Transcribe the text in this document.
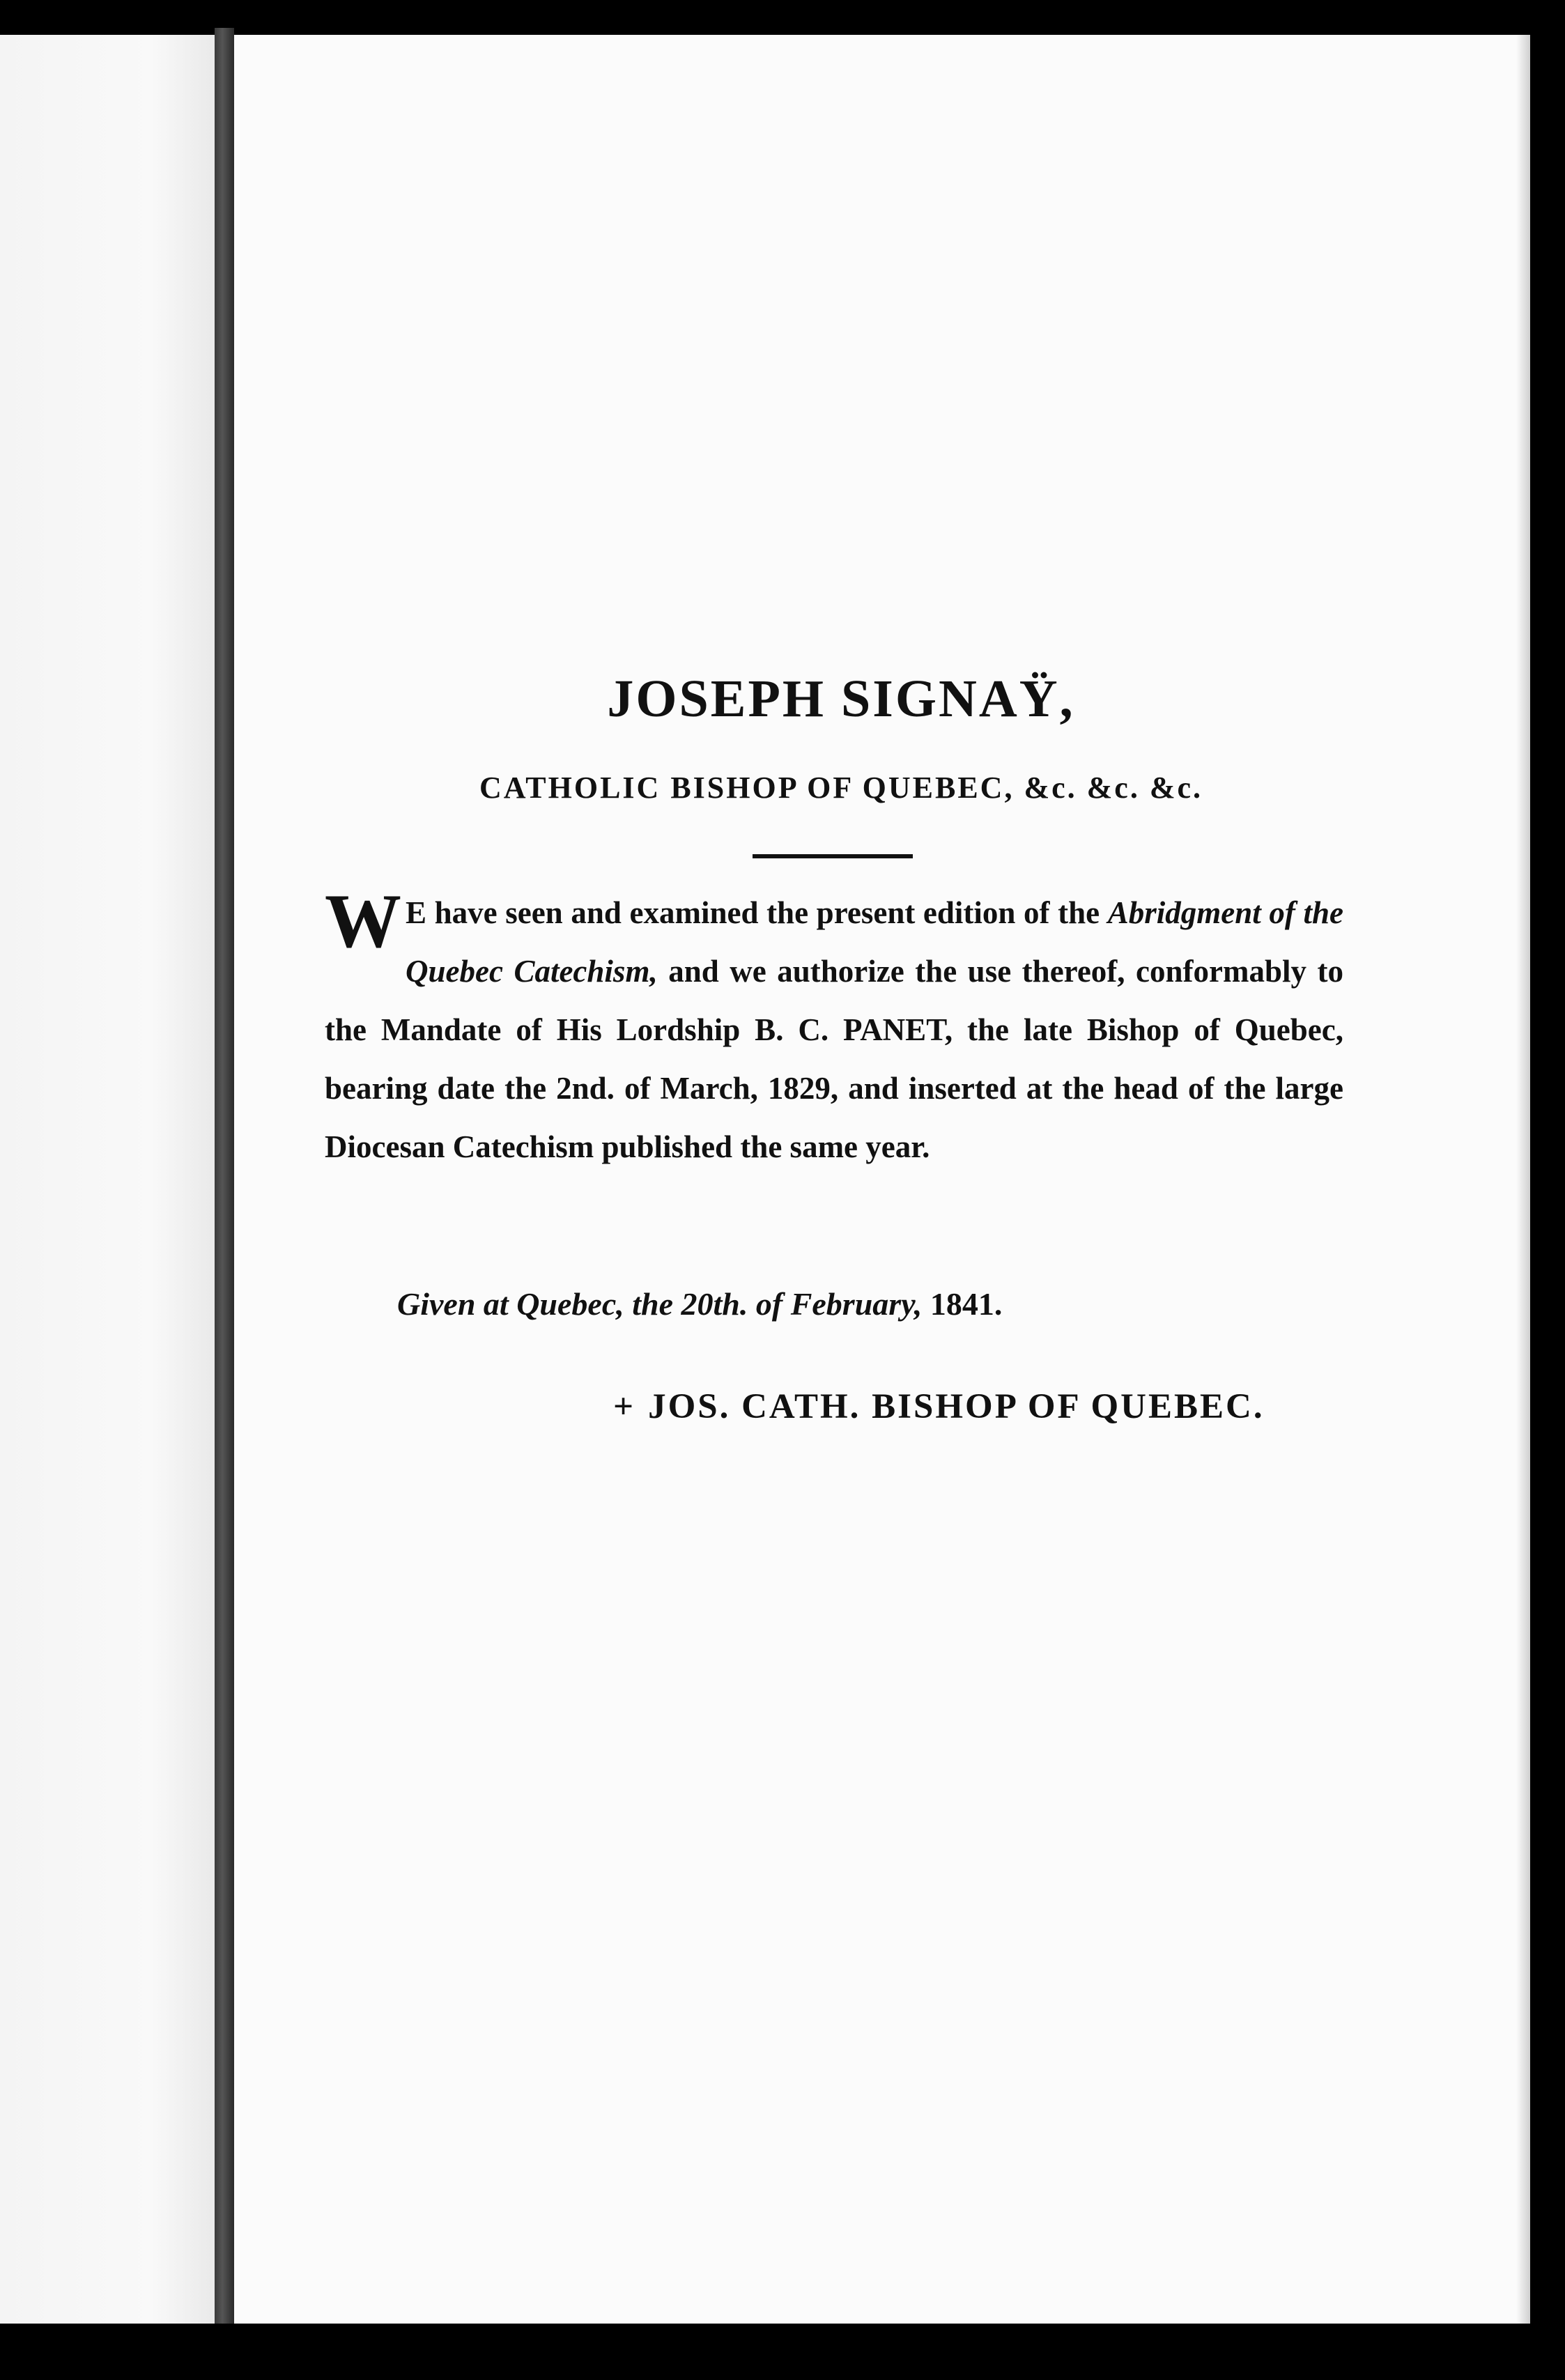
JOSEPH SIGNAŸ,
CATHOLIC BISHOP OF QUEBEC, &c. &c. &c.
W E have seen and examined the present edition of the Abridgment of the Quebec Catechism, and we authorize the use thereof, conformably to the Mandate of His Lordship B. C. PANET, the late Bishop of Quebec, bearing date the 2nd. of March, 1829, and inserted at the head of the large Diocesan Catechism published the same year.
Given at Quebec, the 20th. of February, 1841.
+ JOS. CATH. BISHOP OF QUEBEC.
